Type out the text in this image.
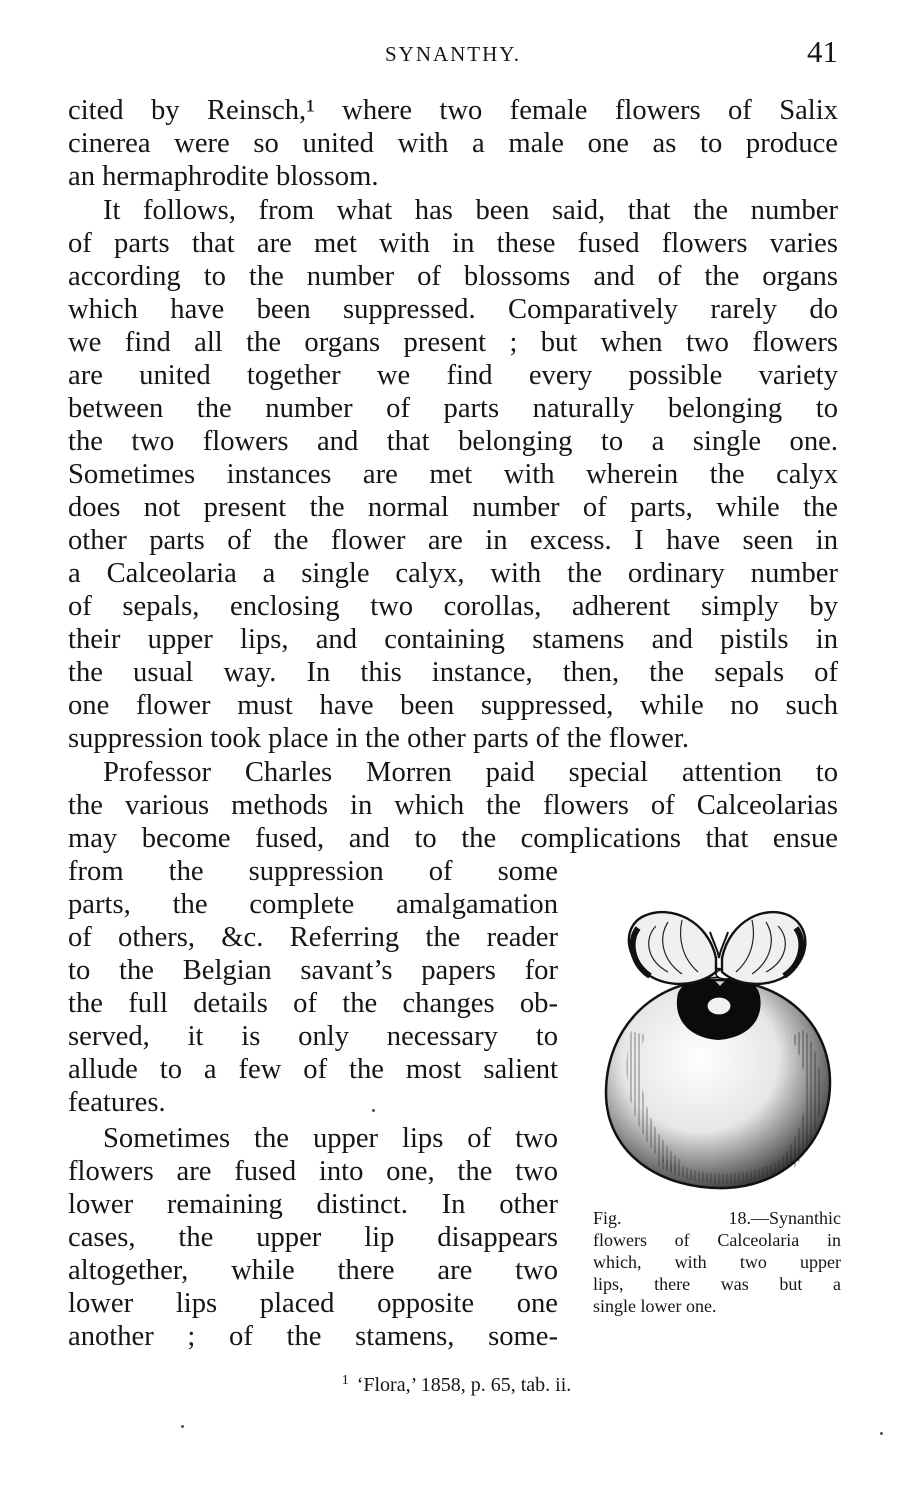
SYNANTHY.	41
cited by Reinsch,¹ where two female flowers of Salix
cinerea were so united with a male one as to produce
an hermaphrodite blossom.
It follows, from what has been said, that the number
of parts that are met with in these fused flowers varies
according to the number of blossoms and of the organs
which have been suppressed. Comparatively rarely do
we find all the organs present ; but when two flowers
are united together we find every possible variety
between the number of parts naturally belonging to
the two flowers and that belonging to a single one.
Sometimes instances are met with wherein the calyx
does not present the normal number of parts, while the
other parts of the flower are in excess. I have seen in
a Calceolaria a single calyx, with the ordinary number
of sepals, enclosing two corollas, adherent simply by
their upper lips, and containing stamens and pistils in
the usual way. In this instance, then, the sepals of
one flower must have been suppressed, while no such
suppression took place in the other parts of the flower.
Professor Charles Morren paid special attention to
the various methods in which the flowers of Calceolarias
may become fused, and to the complications that ensue
from the suppression of some
parts, the complete amalgamation
of others, &c. Referring the reader
to the Belgian savant’s papers for
the full details of the changes ob-
served, it is only necessary to
allude to a few of the most salient
features.
Sometimes the upper lips of two
flowers are fused into one, the two
lower remaining distinct. In other
cases, the upper lip disappears
altogether, while there are two
lower lips placed opposite one
another ; of the stamens, some-
Fig. 18.—Synanthic
flowers of Calceolaria in
which, with two upper
lips, there was but a
single lower one.
$^1$ ‘Flora,’ 1858, p. 65, tab. ii.
